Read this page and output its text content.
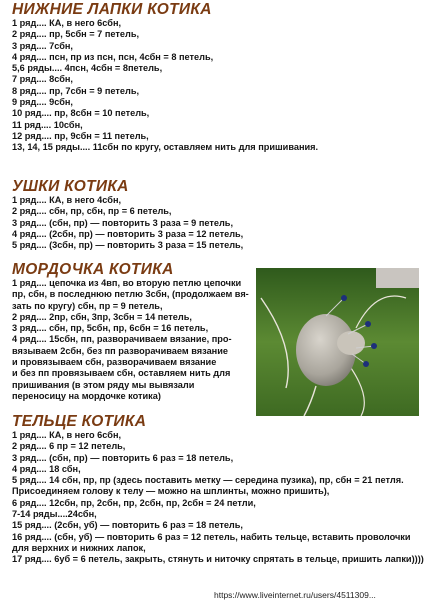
НИЖНИЕ ЛАПКИ КОТИКА
1 ряд.... КА, в него 6сбн,
2 ряд.... пр, 5сбн = 7 петель,
3 ряд.... 7сбн,
4 ряд.... псн, пр из псн, псн, 4сбн = 8 петель,
5,6 ряды.... 4псн, 4сбн = 8петель,
7 ряд.... 8сбн,
8 ряд.... пр, 7сбн = 9 петель,
9 ряд.... 9сбн,
10 ряд.... пр, 8сбн = 10 петель,
11 ряд.... 10сбн,
12 ряд.... пр, 9сбн = 11 петель,
13, 14, 15 ряды.... 11сбн по кругу, оставляем нить для пришивания.
УШКИ КОТИКА
1 ряд.... КА, в него 4сбн,
2 ряд.... сбн, пр, сбн, пр = 6 петель,
3 ряд.... (сбн, пр) — повторить 3 раза = 9 петель,
4 ряд.... (2сбн, пр) — повторить 3 раза = 12 петель,
5 ряд.... (3сбн, пр) — повторить 3 раза = 15 петель,
МОРДОЧКА КОТИКА
1 ряд.... цепочка из 4вп, во вторую петлю цепочки
пр, сбн, в последнюю петлю 3сбн, (продолжаем вя-
зать по кругу) сбн, пр = 9 петель,
2 ряд.... 2пр, сбн, 3пр, 3сбн = 14 петель,
3 ряд.... сбн, пр, 5сбн, пр, 6сбн = 16 петель,
4 ряд.... 15сбн, пп, разворачиваем вязание, про-
вязываем 2сбн, без пп разворачиваем вязание
и провязываем сбн, разворачиваем вязание
и без пп провязываем сбн, оставляем нить для
пришивания (в этом ряду мы вывязали
переносицу на мордочке котика)
ТЕЛЬЦЕ КОТИКА
1 ряд.... КА, в него 6сбн,
2 ряд.... 6 пр = 12 петель,
3 ряд.... (сбн, пр) — повторить 6 раз = 18 петель,
4 ряд.... 18 сбн,
5 ряд.... 14 сбн, пр, пр (здесь поставить метку — середина пузика), пр, сбн = 21 петля.
Присоединяем голову к телу — можно на шплинты, можно пришить),
6 ряд.... 12сбн, пр, 2сбн, пр, 2сбн, пр, 2сбн = 24 петли,
7-14 ряды....24сбн,
15 ряд.... (2сбн, уб) — повторить 6 раз = 18 петель,
16 ряд.... (сбн, уб) — повторить 6 раз = 12 петель, набить тельце, вставить проволочки
для верхних и нижних лапок,
17 ряд.... 6уб = 6 петель, закрыть, стянуть и ниточку спрятать в тельце, пришить лапки))))
https://www.liveinternet.ru/users/4511309...
